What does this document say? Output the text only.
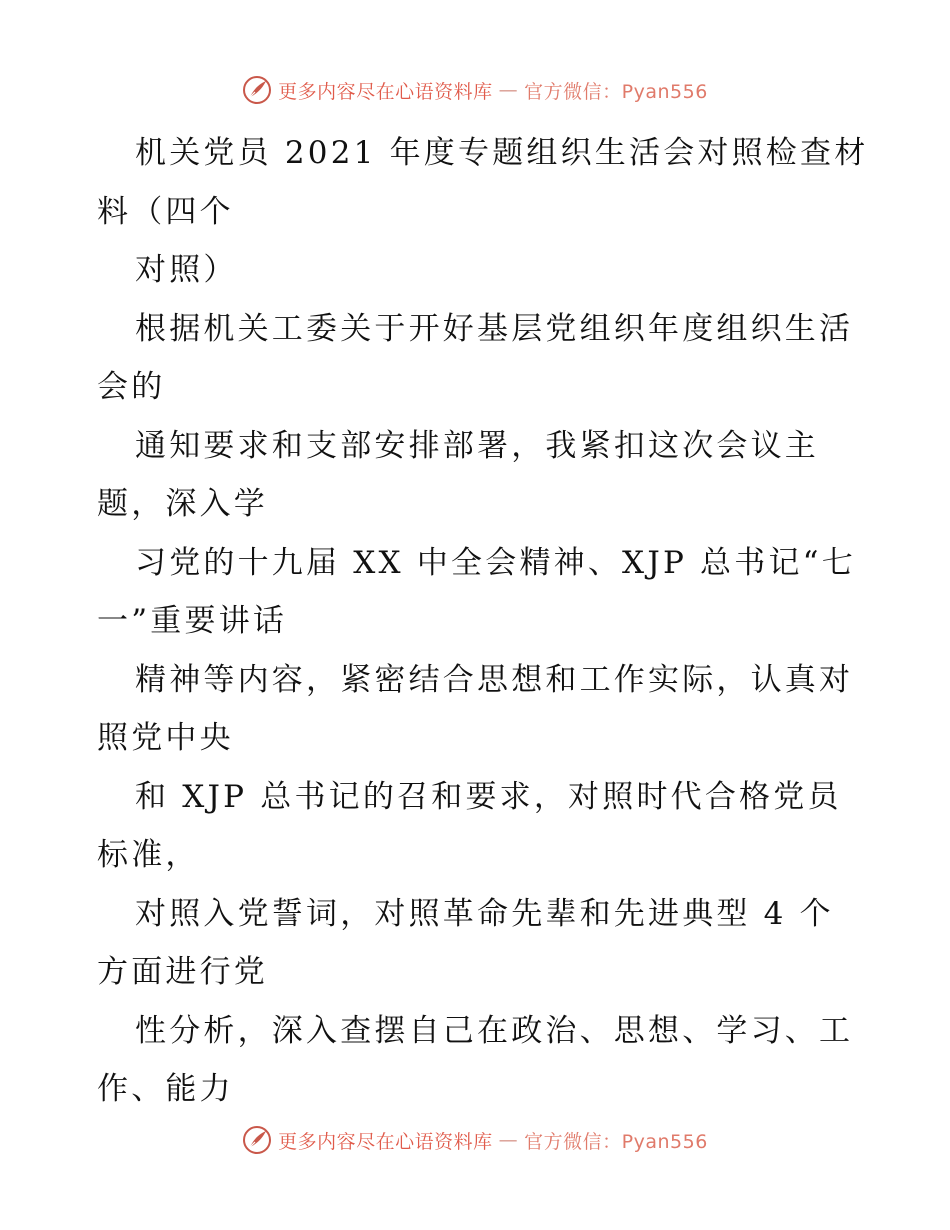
更多内容尽在心语资料库 — 官方微信：Pyan556
机关党员 2021 年度专题组织生活会对照检查材
料（四个
对照）
根据机关工委关于开好基层党组织年度组织生活
会的
通知要求和支部安排部署，我紧扣这次会议主
题，深入学
习党的十九届 XX 中全会精神、XJP 总书记“七
一”重要讲话
精神等内容，紧密结合思想和工作实际，认真对
照党中央
和 XJP 总书记的召和要求，对照时代合格党员
标准，
对照入党誓词，对照革命先辈和先进典型 4 个
方面进行党
性分析，深入查摆自己在政治、思想、学习、工
作、能力
更多内容尽在心语资料库 — 官方微信：Pyan556
